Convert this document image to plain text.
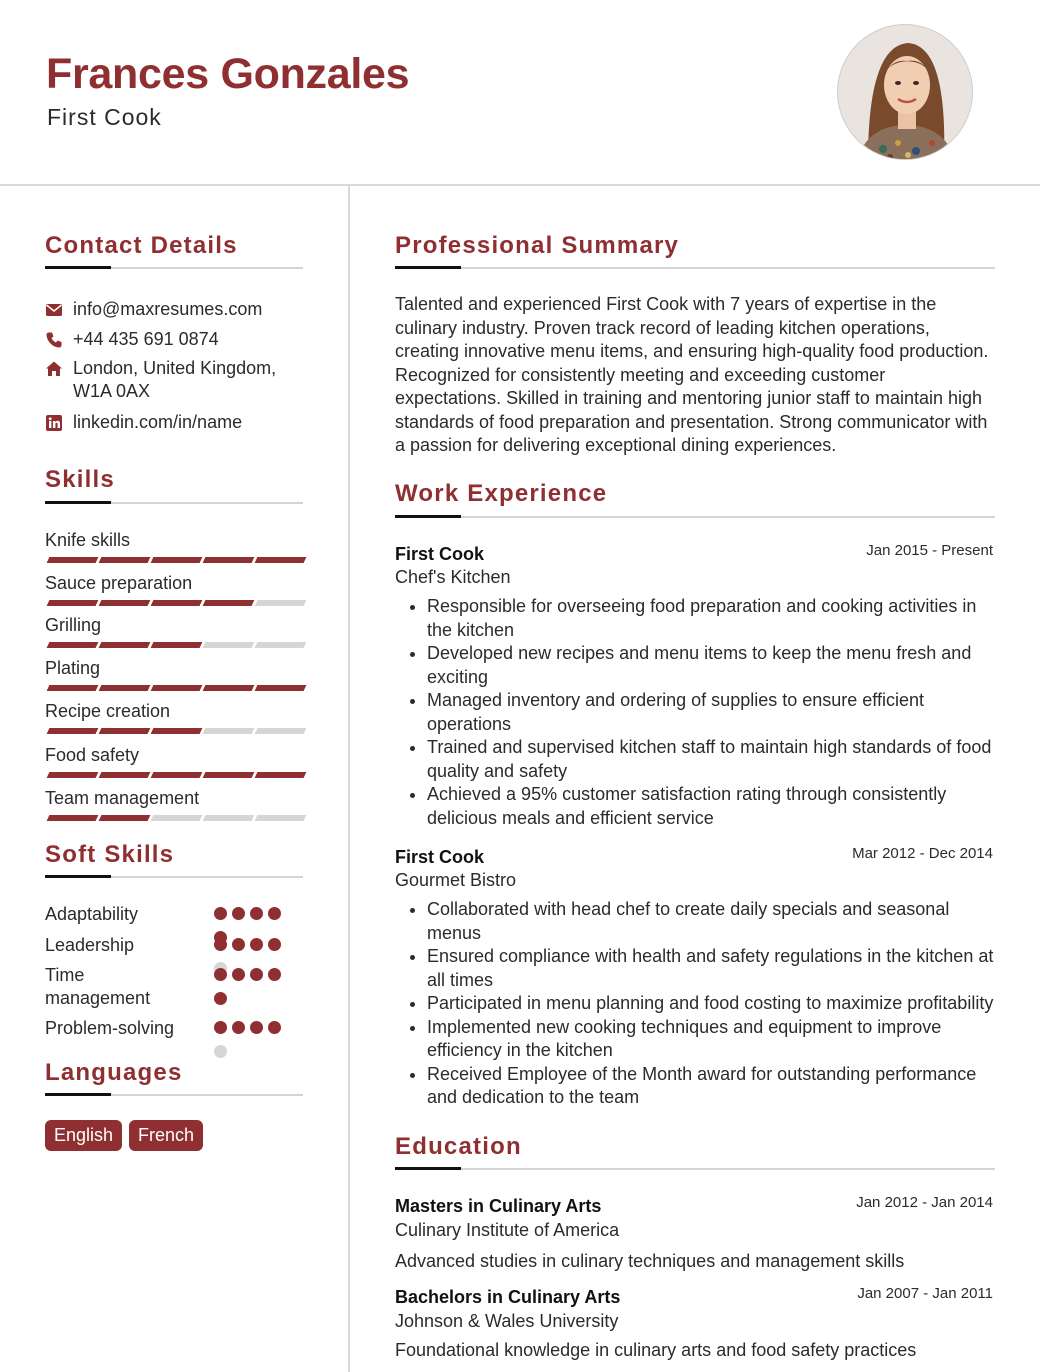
Frances Gonzales
First Cook
Contact Details
info@maxresumes.com
+44 435 691 0874
London, United Kingdom, W1A 0AX
linkedin.com/in/name
Skills
Knife skills
Sauce preparation
Grilling
Plating
Recipe creation
Food safety
Team management
Soft Skills
Adaptability
Leadership
Time management
Problem-solving
Languages
English	French
Professional Summary

Talented and experienced First Cook with 7 years of expertise in the culinary industry. Proven track record of leading kitchen operations, creating innovative menu items, and ensuring high-quality food production. Recognized for consistently meeting and exceeding customer expectations. Skilled in training and mentoring junior staff to maintain high standards of food preparation and presentation. Strong communicator with a passion for delivering exceptional dining experiences.

Work Experience
First Cook	Jan 2015 - Present
Chef's Kitchen
• Responsible for overseeing food preparation and cooking activities in the kitchen
• Developed new recipes and menu items to keep the menu fresh and exciting
• Managed inventory and ordering of supplies to ensure efficient operations
• Trained and supervised kitchen staff to maintain high standards of food quality and safety
• Achieved a 95% customer satisfaction rating through consistently delicious meals and efficient service
First Cook	Mar 2012 - Dec 2014
Gourmet Bistro
• Collaborated with head chef to create daily specials and seasonal menus
• Ensured compliance with health and safety regulations in the kitchen at all times
• Participated in menu planning and food costing to maximize profitability
• Implemented new cooking techniques and equipment to improve efficiency in the kitchen
• Received Employee of the Month award for outstanding performance and dedication to the team
Education
Masters in Culinary Arts	Jan 2012 - Jan 2014
Culinary Institute of America
Advanced studies in culinary techniques and management skills
Bachelors in Culinary Arts	Jan 2007 - Jan 2011
Johnson & Wales University
Foundational knowledge in culinary arts and food safety practices
